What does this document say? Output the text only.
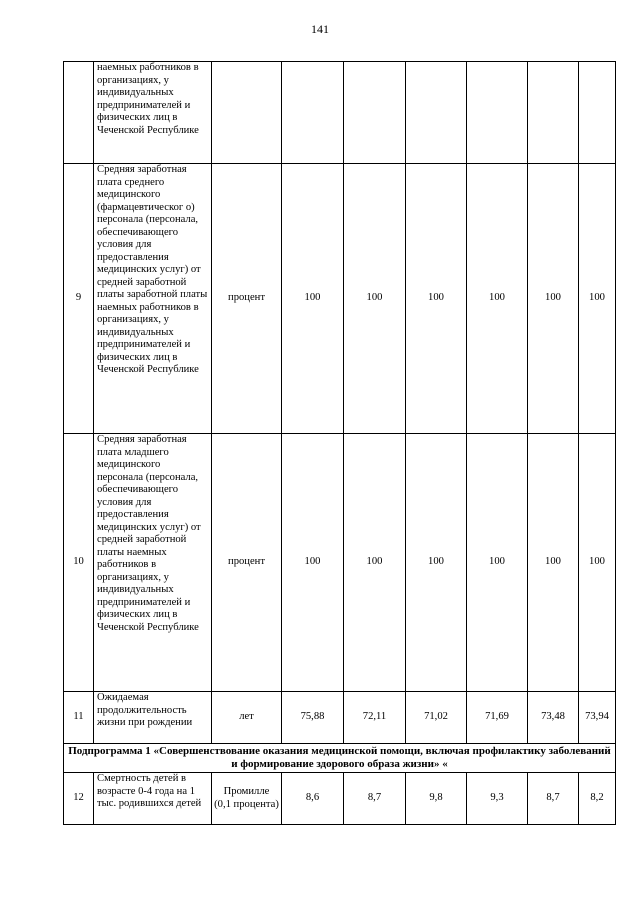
141
	наемных работников в организациях, у индивидуальных предпринимателей и физических лиц в Чеченской Республике							
9	Средняя заработная плата среднего медицинского (фармацевтическог о) персонала (персонала, обеспечивающего условия для предоставления медицинских услуг) от средней заработной платы заработной платы наемных работников в организациях, у индивидуальных предпринимателей и физических лиц в Чеченской Республике	процент	100	100	100	100	100	100
10	Средняя заработная плата младшего медицинского персонала (персонала, обеспечивающего условия для предоставления медицинских услуг) от средней заработной платы наемных работников в организациях, у индивидуальных предпринимателей и физических лиц в Чеченской Республике	процент	100	100	100	100	100	100
11	Ожидаемая продолжительность жизни при рождении	лет	75,88	72,11	71,02	71,69	73,48	73,94
Подпрограмма 1 «Совершенствование оказания медицинской помощи, включая профилактику заболеваний и формирование здорового образа жизни» «								
12	Смертность детей в возрасте 0-4 года на 1 тыс. родившихся детей	Промилле (0,1 процента)	8,6	8,7	9,8	9,3	8,7	8,2
